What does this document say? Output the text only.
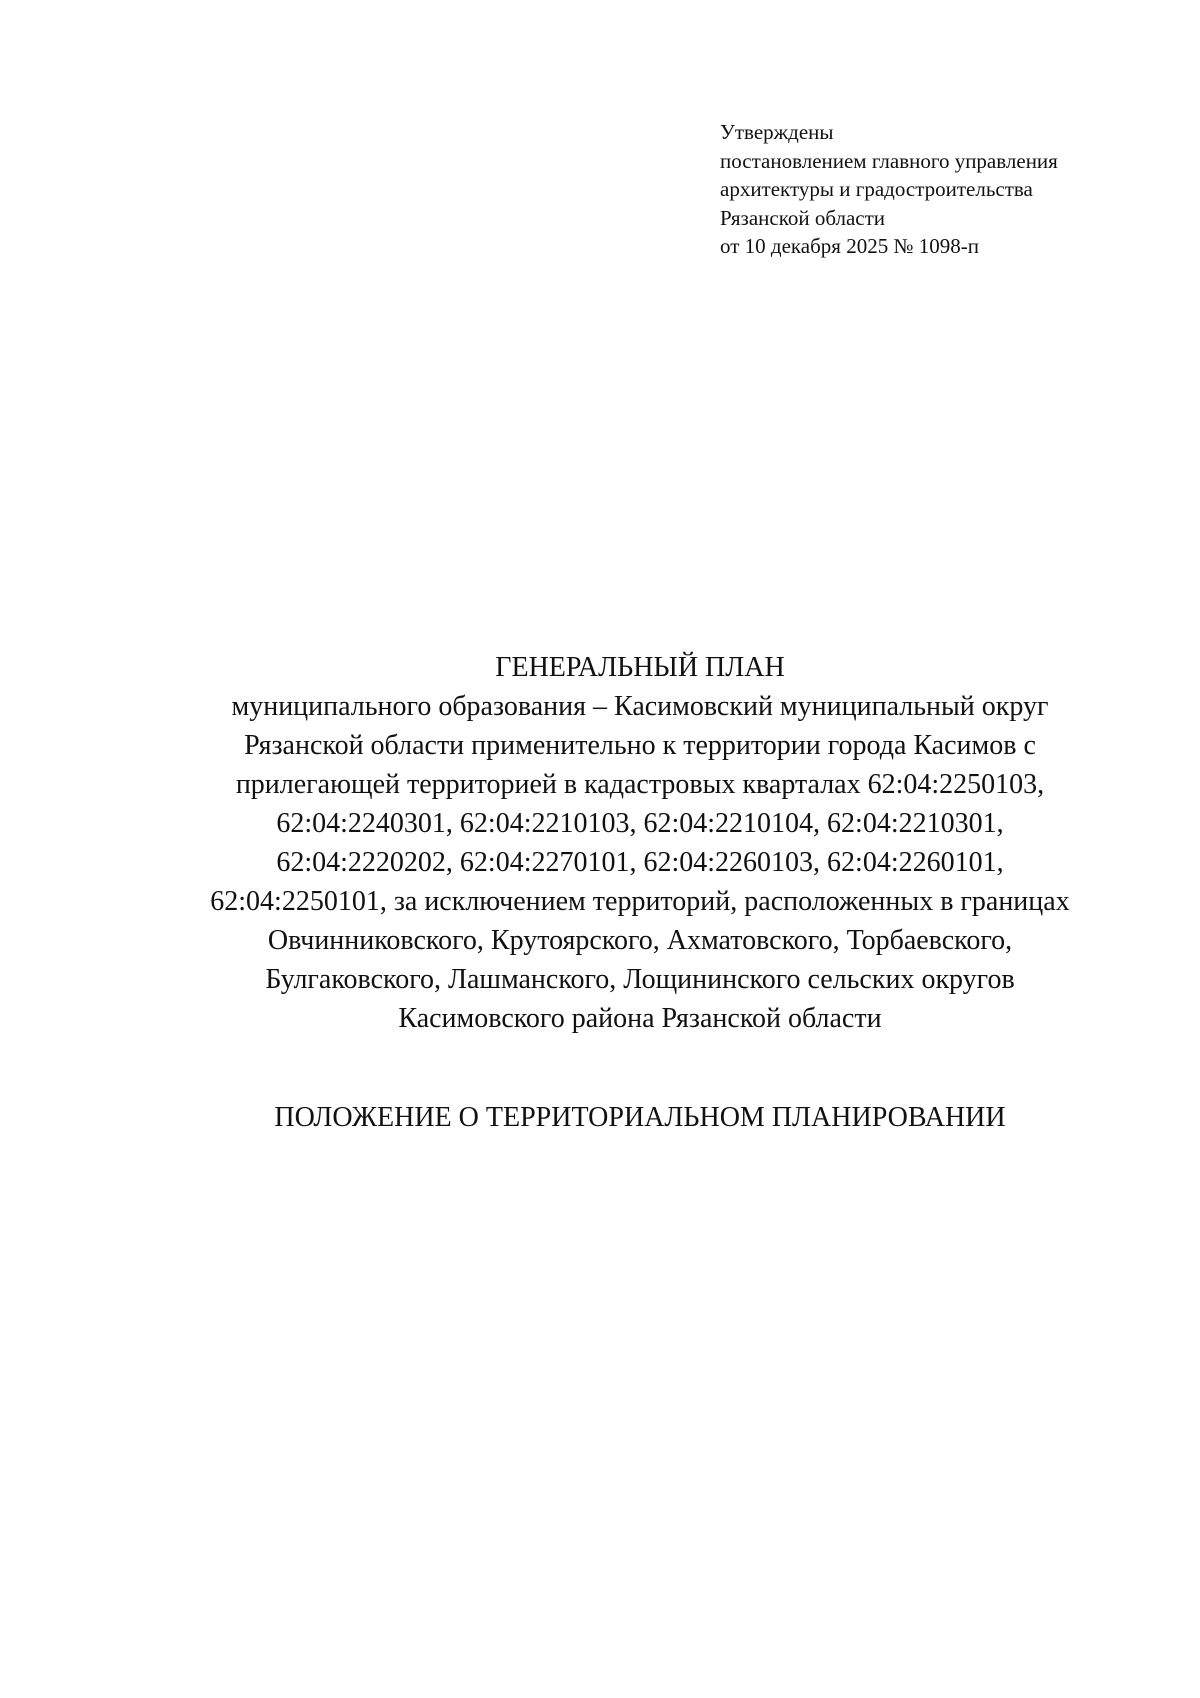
Утверждены
постановлением главного управления
архитектуры и градостроительства
Рязанской области
от 10 декабря 2025 № 1098-п
ГЕНЕРАЛЬНЫЙ ПЛАН
муниципального образования – Касимовский муниципальный округ
Рязанской области применительно к территории города Касимов с
прилегающей территорией в кадастровых кварталах 62:04:2250103,
62:04:2240301, 62:04:2210103, 62:04:2210104, 62:04:2210301,
62:04:2220202, 62:04:2270101, 62:04:2260103, 62:04:2260101,
62:04:2250101, за исключением территорий, расположенных в границах
Овчинниковского, Крутоярского, Ахматовского, Торбаевского,
Булгаковского, Лашманского, Лощининского сельских округов
Касимовского района Рязанской области
ПОЛОЖЕНИЕ О ТЕРРИТОРИАЛЬНОМ ПЛАНИРОВАНИИ
